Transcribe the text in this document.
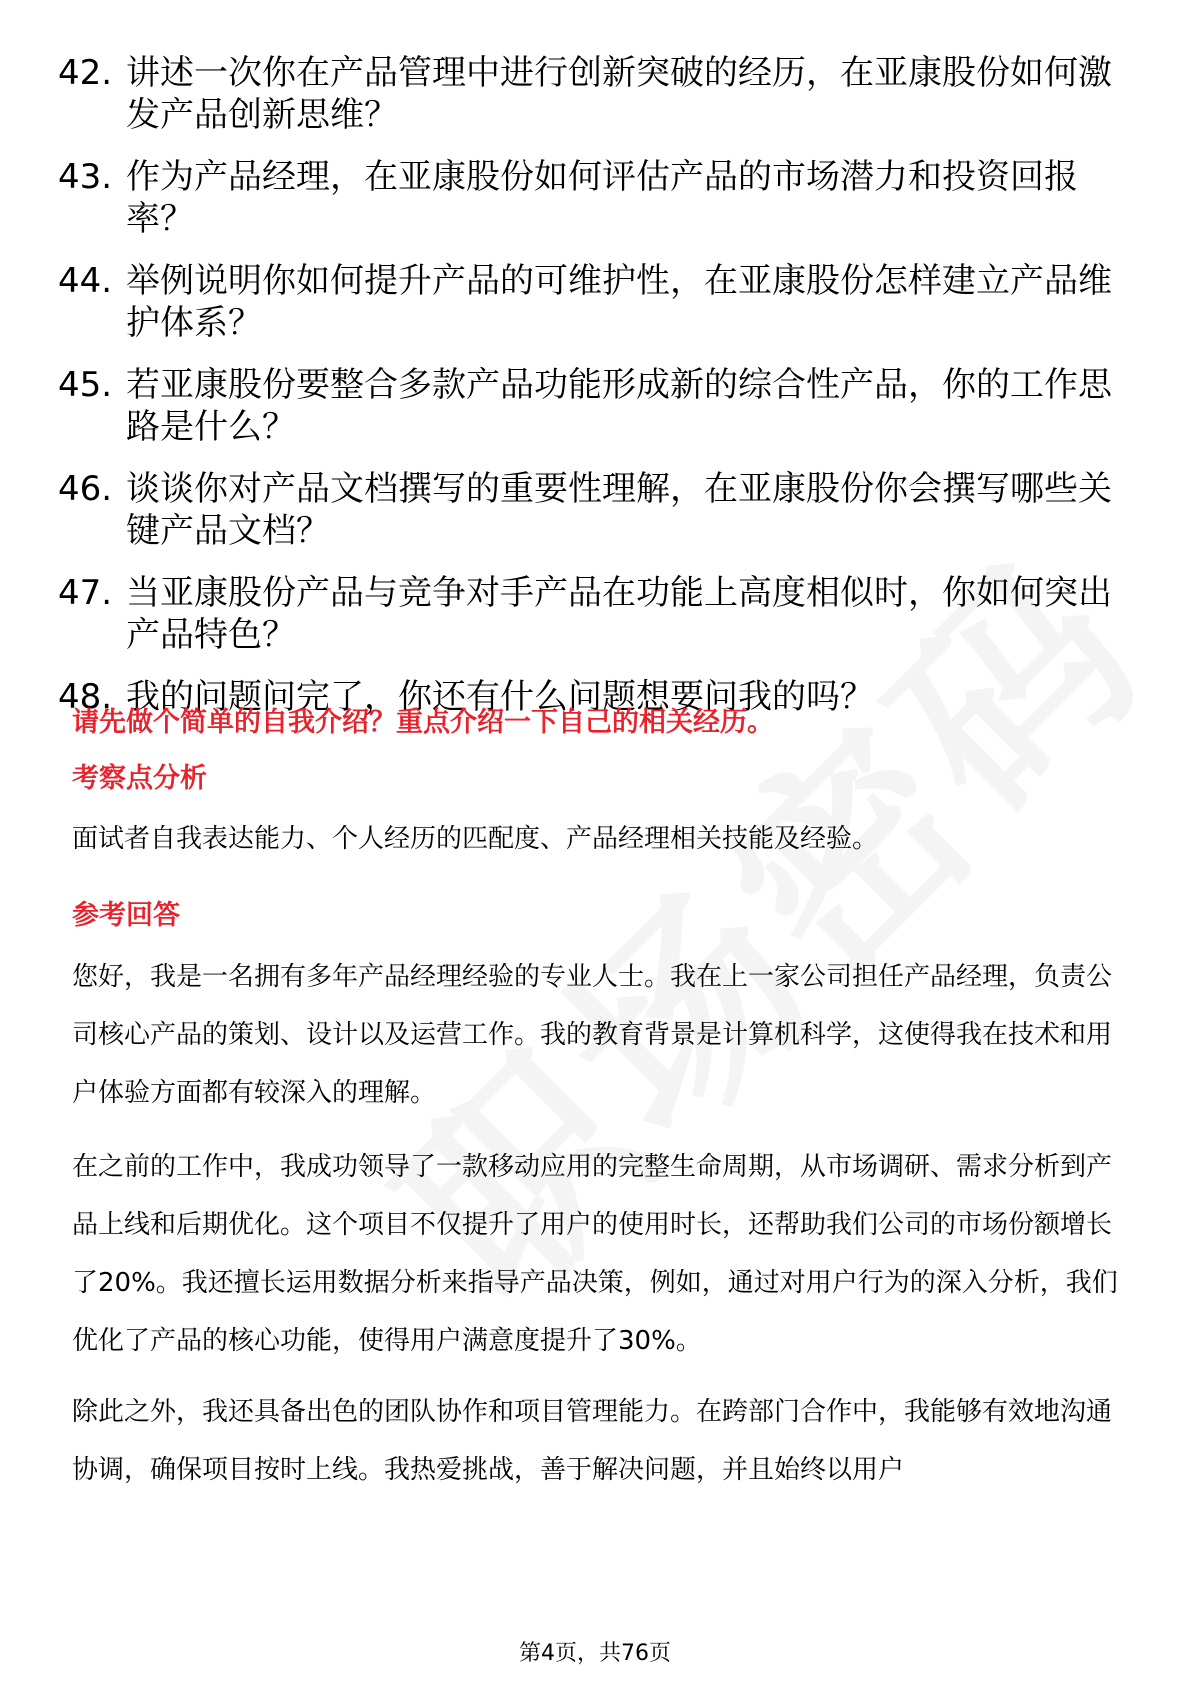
42. 讲述一次你在产品管理中进行创新突破的经历，在亚康股份如何激发产品创新思维？
43. 作为产品经理，在亚康股份如何评估产品的市场潜力和投资回报率？
44. 举例说明你如何提升产品的可维护性，在亚康股份怎样建立产品维护体系？
45. 若亚康股份要整合多款产品功能形成新的综合性产品，你的工作思路是什么？
46. 谈谈你对产品文档撰写的重要性理解，在亚康股份你会撰写哪些关键产品文档？
47. 当亚康股份产品与竞争对手产品在功能上高度相似时，你如何突出产品特色？
48. 我的问题问完了，你还有什么问题想要问我的吗？
请先做个简单的自我介绍？重点介绍一下自己的相关经历。
考察点分析
面试者自我表达能力、个人经历的匹配度、产品经理相关技能及经验。
参考回答
您好，我是一名拥有多年产品经理经验的专业人士。我在上一家公司担任产品经理，负责公司核心产品的策划、设计以及运营工作。我的教育背景是计算机科学，这使得我在技术和用户体验方面都有较深入的理解。
在之前的工作中，我成功领导了一款移动应用的完整生命周期，从市场调研、需求分析到产品上线和后期优化。这个项目不仅提升了用户的使用时长，还帮助我们公司的市场份额增长了20%。我还擅长运用数据分析来指导产品决策，例如，通过对用户行为的深入分析，我们优化了产品的核心功能，使得用户满意度提升了30%。
除此之外，我还具备出色的团队协作和项目管理能力。在跨部门合作中，我能够有效地沟通协调，确保项目按时上线。我热爱挑战，善于解决问题，并且始终以用户
第4页，共76页
